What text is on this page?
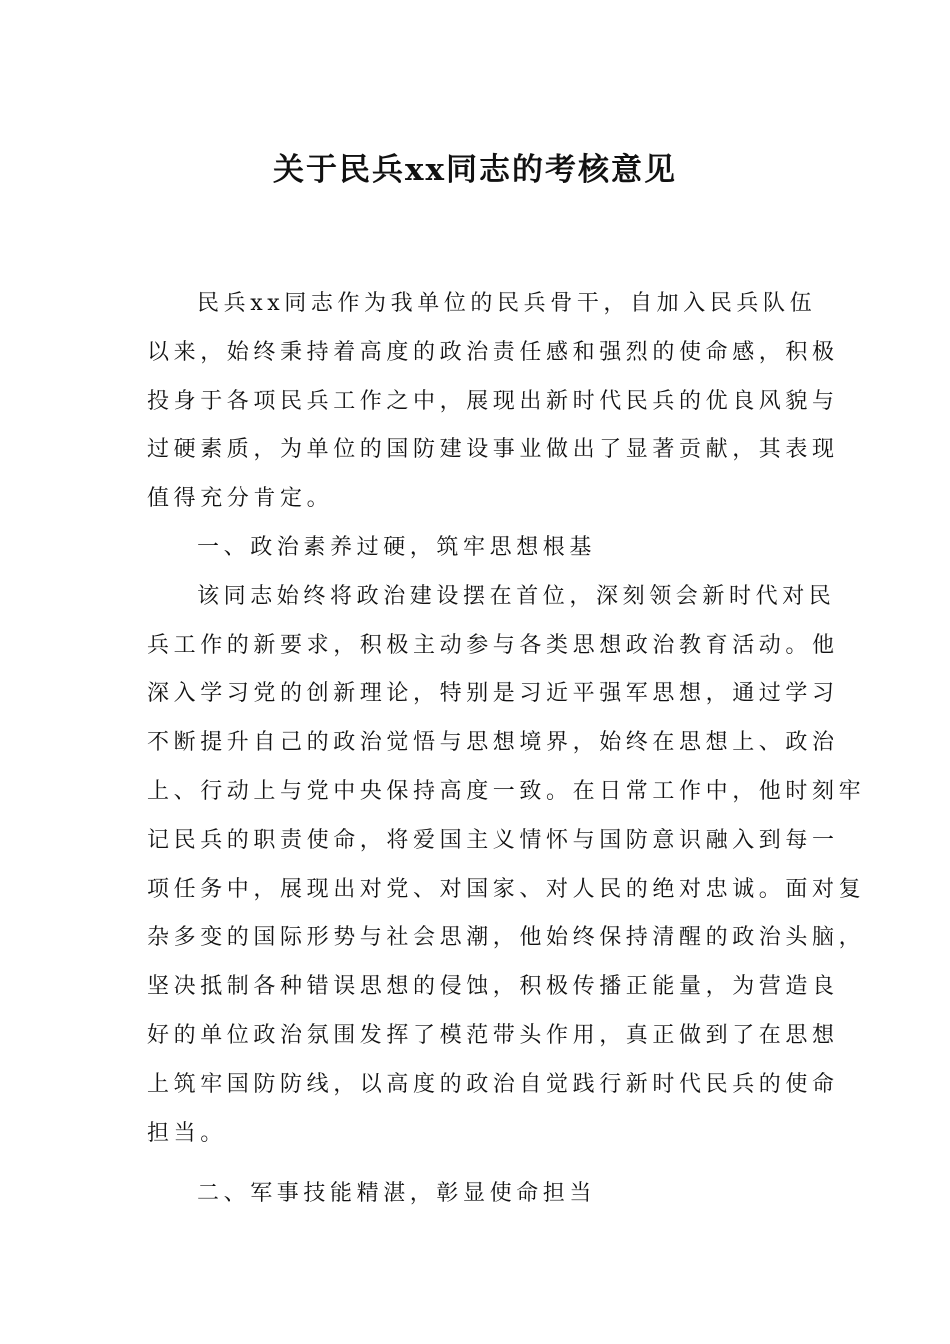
关于民兵xx同志的考核意见
民兵xx同志作为我单位的民兵骨干，自加入民兵队伍
以来，始终秉持着高度的政治责任感和强烈的使命感，积极
投身于各项民兵工作之中，展现出新时代民兵的优良风貌与
过硬素质，为单位的国防建设事业做出了显著贡献，其表现
值得充分肯定。
一、政治素养过硬，筑牢思想根基
该同志始终将政治建设摆在首位，深刻领会新时代对民
兵工作的新要求，积极主动参与各类思想政治教育活动。他
深入学习党的创新理论，特别是习近平强军思想，通过学习
不断提升自己的政治觉悟与思想境界，始终在思想上、政治
上、行动上与党中央保持高度一致。在日常工作中，他时刻牢
记民兵的职责使命，将爱国主义情怀与国防意识融入到每一
项任务中，展现出对党、对国家、对人民的绝对忠诚。面对复
杂多变的国际形势与社会思潮，他始终保持清醒的政治头脑，
坚决抵制各种错误思想的侵蚀，积极传播正能量，为营造良
好的单位政治氛围发挥了模范带头作用，真正做到了在思想
上筑牢国防防线，以高度的政治自觉践行新时代民兵的使命
担当。
二、军事技能精湛，彰显使命担当
